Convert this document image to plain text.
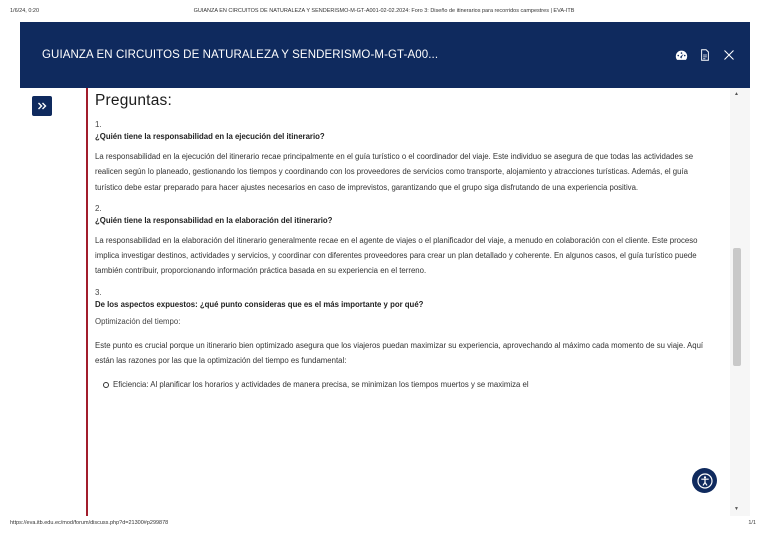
1/6/24, 0:20	GUIANZA EN CIRCUITOS DE NATURALEZA Y SENDERISMO-M-GT-A001-02-02.2024: Foro 3: Diseño de itinerarios para recorridos campestres | EVA-ITB
GUIANZA EN CIRCUITOS DE NATURALEZA Y SENDERISMO-M-GT-A00...
Preguntas:
1.
¿Quién tiene la responsabilidad en la ejecución del itinerario?

La responsabilidad en la ejecución del itinerario recae principalmente en el guía turístico o el coordinador del viaje. Este individuo se asegura de que todas las actividades se realicen según lo planeado, gestionando los tiempos y coordinando con los proveedores de servicios como transporte, alojamiento y atracciones turísticas. Además, el guía turístico debe estar preparado para hacer ajustes necesarios en caso de imprevistos, garantizando que el grupo siga disfrutando de una experiencia positiva.

2.
¿Quién tiene la responsabilidad en la elaboración del itinerario?

La responsabilidad en la elaboración del itinerario generalmente recae en el agente de viajes o el planificador del viaje, a menudo en colaboración con el cliente. Este proceso implica investigar destinos, actividades y servicios, y coordinar con diferentes proveedores para crear un plan detallado y coherente. En algunos casos, el guía turístico puede también contribuir, proporcionando información práctica basada en su experiencia en el terreno.

3.
De los aspectos expuestos: ¿qué punto consideras que es el más importante y por qué?
Optimización del tiempo:

Este punto es crucial porque un itinerario bien optimizado asegura que los viajeros puedan maximizar su experiencia, aprovechando al máximo cada momento de su viaje. Aquí están las razones por las que la optimización del tiempo es fundamental:

Eficiencia: Al planificar los horarios y actividades de manera precisa, se minimizan los tiempos muertos y se maximiza el
▲
▼
https://eva.itb.edu.ec/mod/forum/discuss.php?d=21300#p299878	1/1
